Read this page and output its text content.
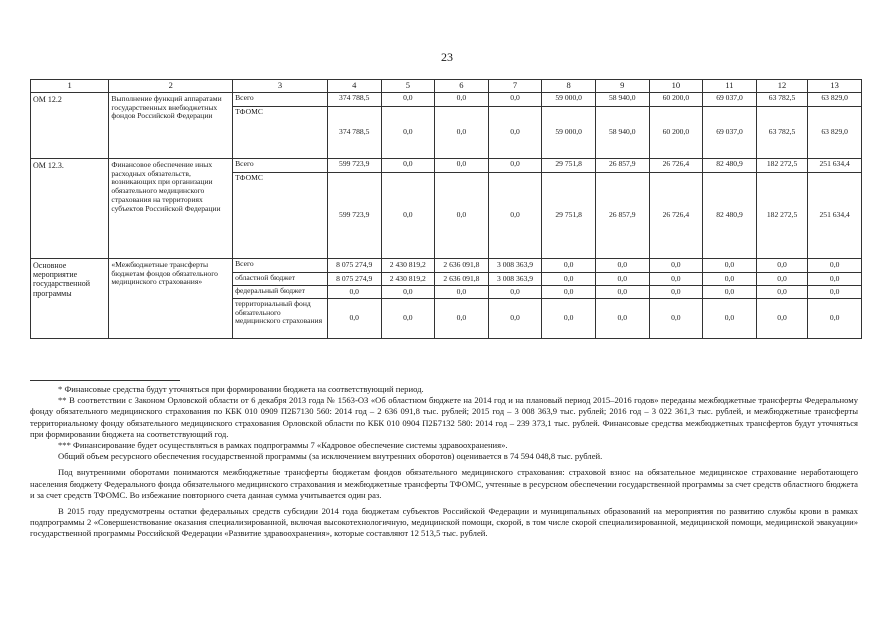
23
1	2	3	4	5	6	7	8	9	10	11	12	13
ОМ 12.2	Выполнение функций аппаратами государственных внебюджетных фондов Российской Федерации	Всего	374 788,5	0,0	0,0	0,0	59 000,0	58 940,0	60 200,0	69 037,0	63 782,5	63 829,0
		ТФОМС	374 788,5	0,0	0,0	0,0	59 000,0	58 940,0	60 200,0	69 037,0	63 782,5	63 829,0
ОМ 12.3.	Финансовое обеспечение иных расходных обязательств, возникающих при организации обязательного медицинского страхования на территориях субъектов Российской Федерации	Всего	599 723,9	0,0	0,0	0,0	29 751,8	26 857,9	26 726,4	82 480,9	182 272,5	251 634,4
		ТФОМС	599 723,9	0,0	0,0	0,0	29 751,8	26 857,9	26 726,4	82 480,9	182 272,5	251 634,4
Основное мероприятие государственной программы	«Межбюджетные трансферты бюджетам фондов обязательного медицинского страхования»	Всего	8 075 274,9	2 430 819,2	2 636 091,8	3 008 363,9	0,0	0,0	0,0	0,0	0,0	0,0
		областной бюджет	8 075 274,9	2 430 819,2	2 636 091,8	3 008 363,9	0,0	0,0	0,0	0,0	0,0	0,0
		федеральный бюджет	0,0	0,0	0,0	0,0	0,0	0,0	0,0	0,0	0,0	0,0
		территориальный фонд обязательного медицинского страхования	0,0	0,0	0,0	0,0	0,0	0,0	0,0	0,0	0,0	0,0

* Финансовые средства будут уточняться при формировании бюджета на соответствующий период.

** В соответствии с Законом Орловской области от 6 декабря 2013 года № 1563-ОЗ «Об областном бюджете на 2014 год и на плановый период 2015–2016 годов» переданы межбюджетные трансферты Федеральному фонду обязательного медицинского страхования по КБК 010 0909 П2Б7130 560: 2014 год – 2 636 091,8 тыс. рублей; 2015 год – 3 008 363,9 тыс. рублей; 2016 год – 3 022 361,3 тыс. рублей, и межбюджетные трансферты территориальному фонду обязательного медицинского страхования Орловской области по КБК 010 0904 П2Б7132 580: 2014 год – 239 373,1 тыс. рублей. Финансовые средства межбюджетных трансфертов будут уточняться при формировании бюджета на соответствующий год.

*** Финансирование будет осуществляться в рамках подпрограммы 7 «Кадровое обеспечение системы здравоохранения».

Общий объем ресурсного обеспечения государственной программы (за исключением внутренних оборотов) оценивается в 74 594 048,8 тыс. рублей.

Под внутренними оборотами понимаются межбюджетные трансферты бюджетам фондов обязательного медицинского страхования: страховой взнос на обязательное медицинское страхование неработающего населения бюджету Федерального фонда обязательного медицинского страхования и межбюджетные трансферты ТФОМС, учтенные в ресурсном обеспечении государственной программы за счет средств областного бюджета и за счет средств ТФОМС. Во избежание повторного счета данная сумма учитывается один раз.

В 2015 году предусмотрены остатки федеральных средств субсидии 2014 года бюджетам субъектов Российской Федерации и муниципальных образований на мероприятия по развитию службы крови в рамках подпрограммы 2 «Совершенствование оказания специализированной, включая высокотехнологичную, медицинской помощи, скорой, в том числе скорой специализированной, медицинской помощи, медицинской эвакуации» государственной программы Российской Федерации «Развитие здравоохранения», которые составляют 12 513,5 тыс. рублей.
